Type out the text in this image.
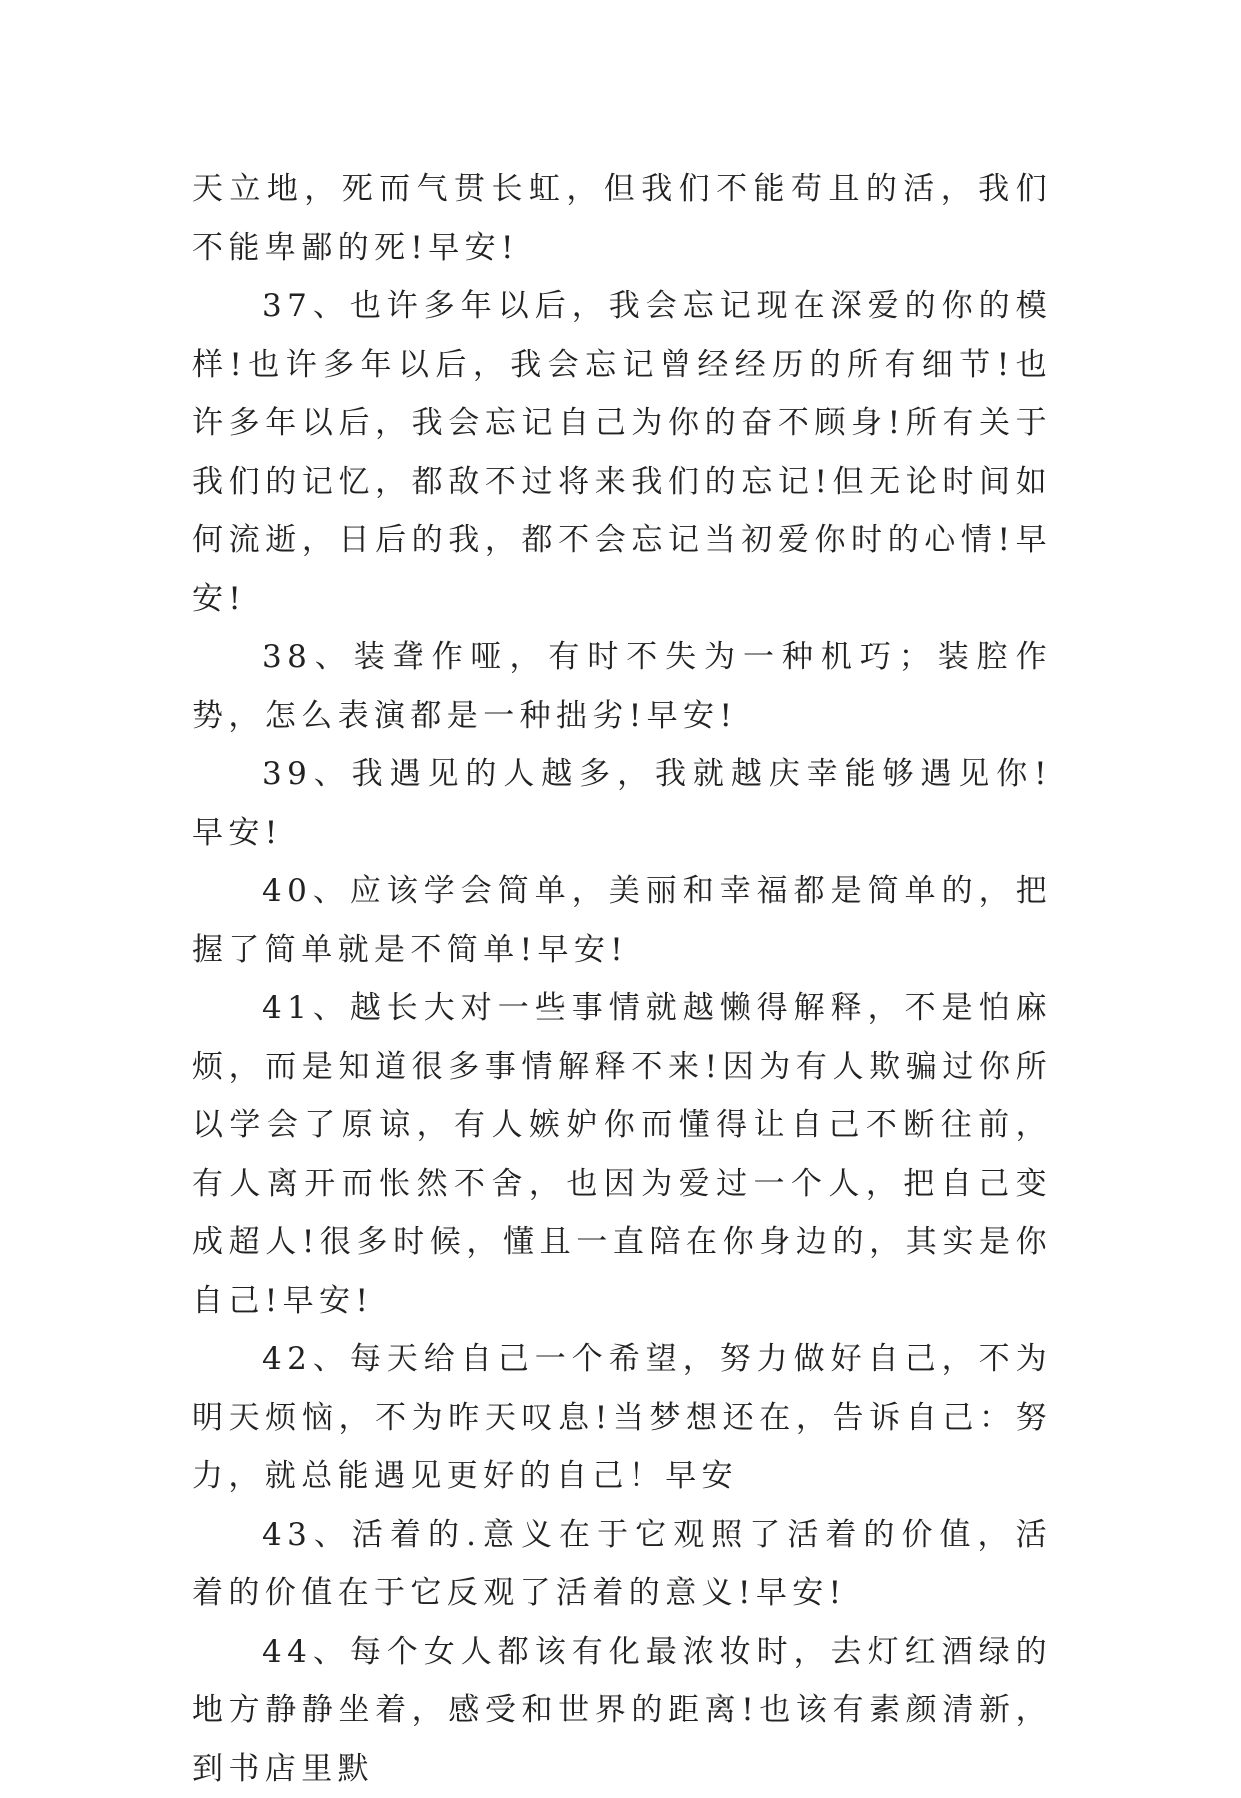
天立地，死而气贯长虹，但我们不能苟且的活，我们不能卑鄙的死!早安!

37、也许多年以后，我会忘记现在深爱的你的模样!也许多年以后，我会忘记曾经经历的所有细节!也许多年以后，我会忘记自己为你的奋不顾身!所有关于我们的记忆，都敌不过将来我们的忘记!但无论时间如何流逝，日后的我，都不会忘记当初爱你时的心情!早安!

38、装聋作哑，有时不失为一种机巧；装腔作势，怎么表演都是一种拙劣!早安!

39、我遇见的人越多，我就越庆幸能够遇见你!早安!

40、应该学会简单，美丽和幸福都是简单的，把握了简单就是不简单!早安!

41、越长大对一些事情就越懒得解释，不是怕麻烦，而是知道很多事情解释不来!因为有人欺骗过你所以学会了原谅，有人嫉妒你而懂得让自己不断往前，有人离开而怅然不舍，也因为爱过一个人，把自己变成超人!很多时候，懂且一直陪在你身边的，其实是你自己!早安!

42、每天给自己一个希望，努力做好自己，不为明天烦恼，不为昨天叹息!当梦想还在，告诉自己：努力，就总能遇见更好的自己！早安

43、活着的.意义在于它观照了活着的价值，活着的价值在于它反观了活着的意义!早安!

44、每个女人都该有化最浓妆时，去灯红酒绿的地方静静坐着，感受和世界的距离!也该有素颜清新，到书店里默
